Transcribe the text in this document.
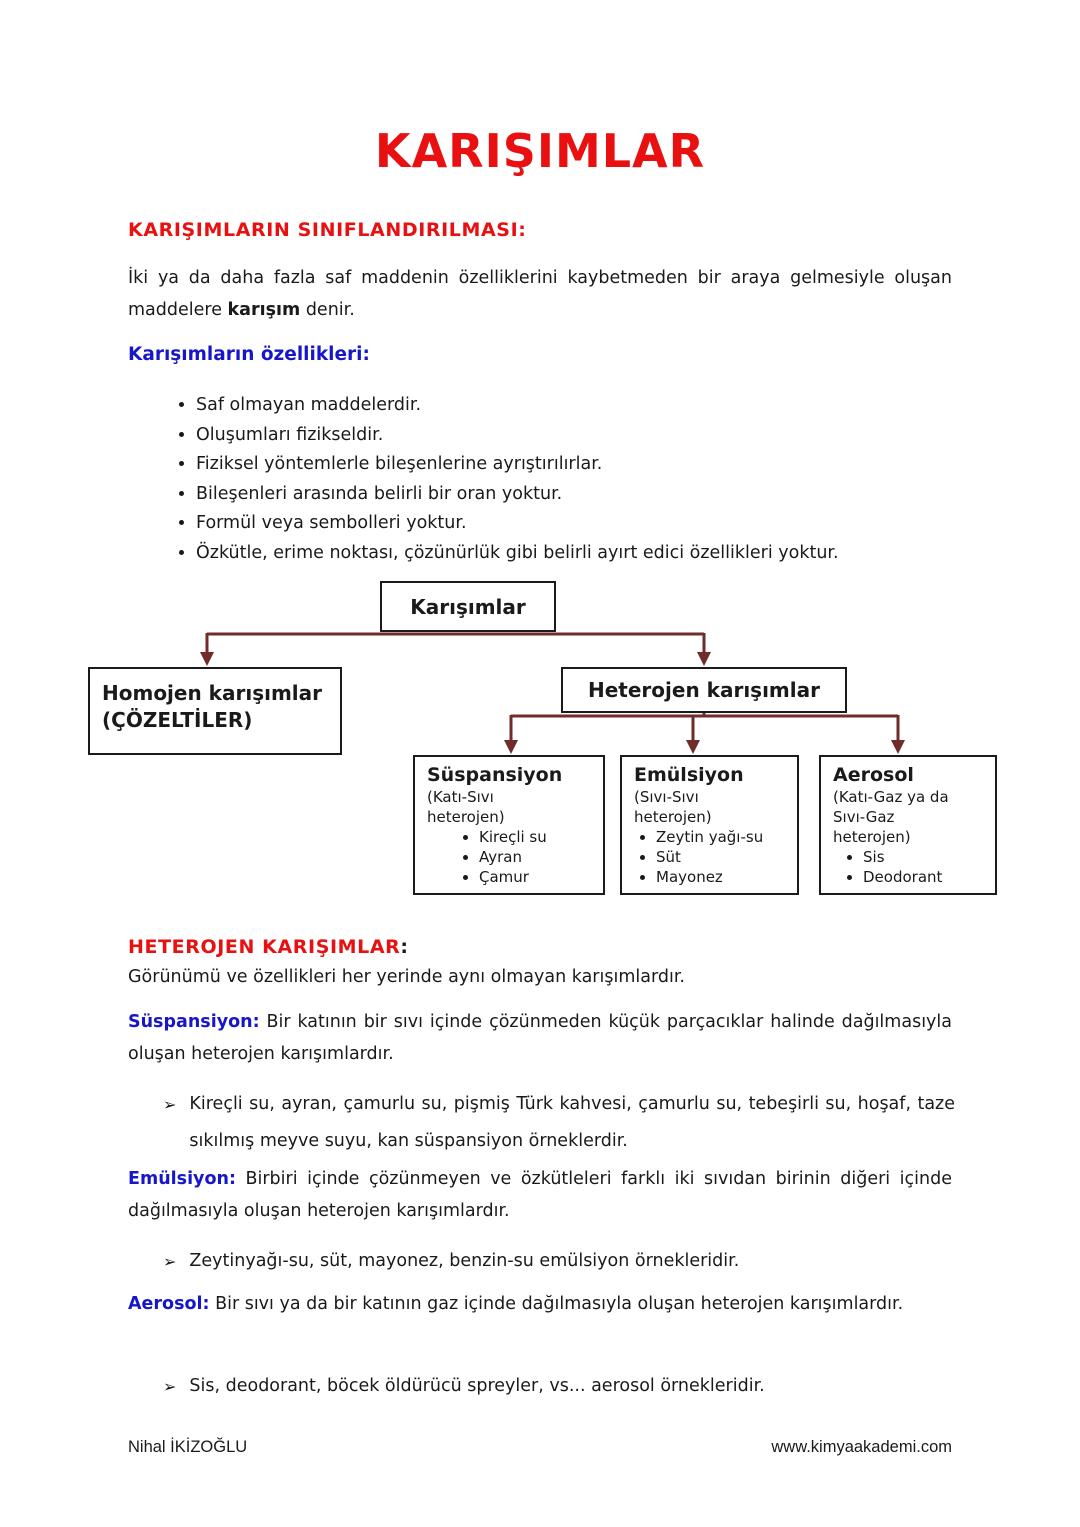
KARIŞIMLAR
KARIŞIMLARIN SINIFLANDIRILMASI:

İki ya da daha fazla saf maddenin özelliklerini kaybetmeden bir araya gelmesiyle oluşan maddelere karışım denir.

Karışımların özellikleri:
• Saf olmayan maddelerdir.
• Oluşumları fizikseldir.
• Fiziksel yöntemlerle bileşenlerine ayrıştırılırlar.
• Bileşenleri arasında belirli bir oran yoktur.
• Formül veya sembolleri yoktur.
• Özkütle, erime noktası, çözünürlük gibi belirli ayırt edici özellikleri yoktur.
Karışımlar
Homojen karışımlar
(ÇÖZELTİLER)
Heterojen karışımlar
Süspansiyon
(Katı-Sıvı
heterojen)
• Kireçli su
• Ayran
• Çamur
Emülsiyon
(Sıvı-Sıvı
heterojen)
• Zeytin yağı-su
• Süt
• Mayonez
Aerosol
(Katı-Gaz ya da
Sıvı-Gaz
heterojen)
• Sis
• Deodorant
HETEROJEN KARIŞIMLAR:

Görünümü ve özellikleri her yerinde aynı olmayan karışımlardır.

Süspansiyon: Bir katının bir sıvı içinde çözünmeden küçük parçacıklar halinde dağılmasıyla oluşan heterojen karışımlardır.

➢ Kireçli su, ayran, çamurlu su, pişmiş Türk kahvesi, çamurlu su, tebeşirli su, hoşaf, taze sıkılmış meyve suyu, kan süspansiyon örneklerdir.

Emülsiyon: Birbiri içinde çözünmeyen ve özkütleleri farklı iki sıvıdan birinin diğeri içinde dağılmasıyla oluşan heterojen karışımlardır.

➢ Zeytinyağı-su, süt, mayonez, benzin-su emülsiyon örnekleridir.

Aerosol: Bir sıvı ya da bir katının gaz içinde dağılmasıyla oluşan heterojen karışımlardır.

➢ Sis, deodorant, böcek öldürücü spreyler, vs... aerosol örnekleridir.
Nihal İKİZOĞLU	www.kimyaakademi.com
